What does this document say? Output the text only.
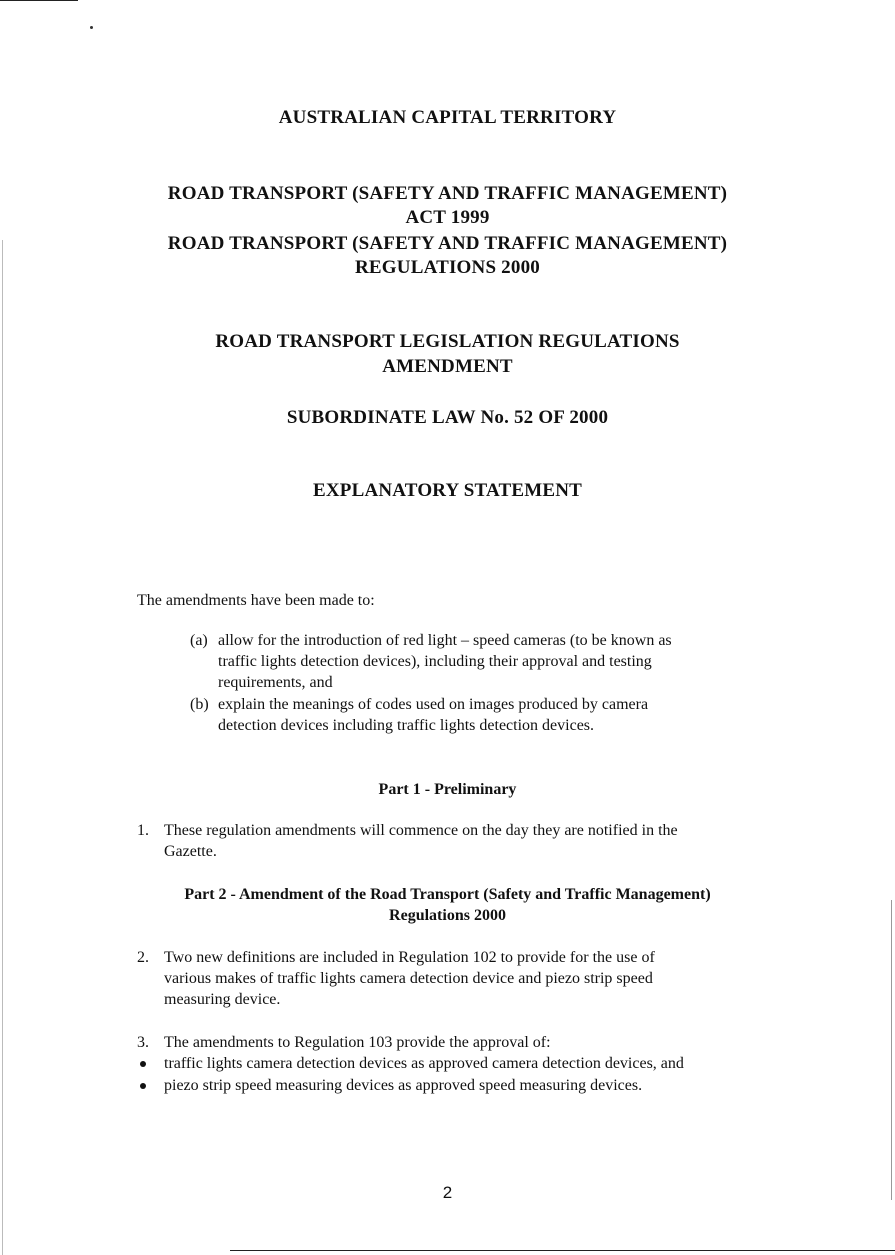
AUSTRALIAN CAPITAL TERRITORY
ROAD TRANSPORT (SAFETY AND TRAFFIC MANAGEMENT)
ACT 1999
ROAD TRANSPORT (SAFETY AND TRAFFIC MANAGEMENT)
REGULATIONS 2000
ROAD TRANSPORT LEGISLATION REGULATIONS
AMENDMENT
SUBORDINATE LAW No. 52 OF 2000
EXPLANATORY STATEMENT
The amendments have been made to:
(a) allow for the introduction of red light – speed cameras (to be known as
traffic lights detection devices), including their approval and testing
requirements, and
(b) explain the meanings of codes used on images produced by camera
detection devices including traffic lights detection devices.
Part 1 - Preliminary
1. These regulation amendments will commence on the day they are notified in the
Gazette.
Part 2 - Amendment of the Road Transport (Safety and Traffic Management)
Regulations 2000
2. Two new definitions are included in Regulation 102 to provide for the use of
various makes of traffic lights camera detection device and piezo strip speed
measuring device.
3. The amendments to Regulation 103 provide the approval of:
traffic lights camera detection devices as approved camera detection devices, and
piezo strip speed measuring devices as approved speed measuring devices.
2
